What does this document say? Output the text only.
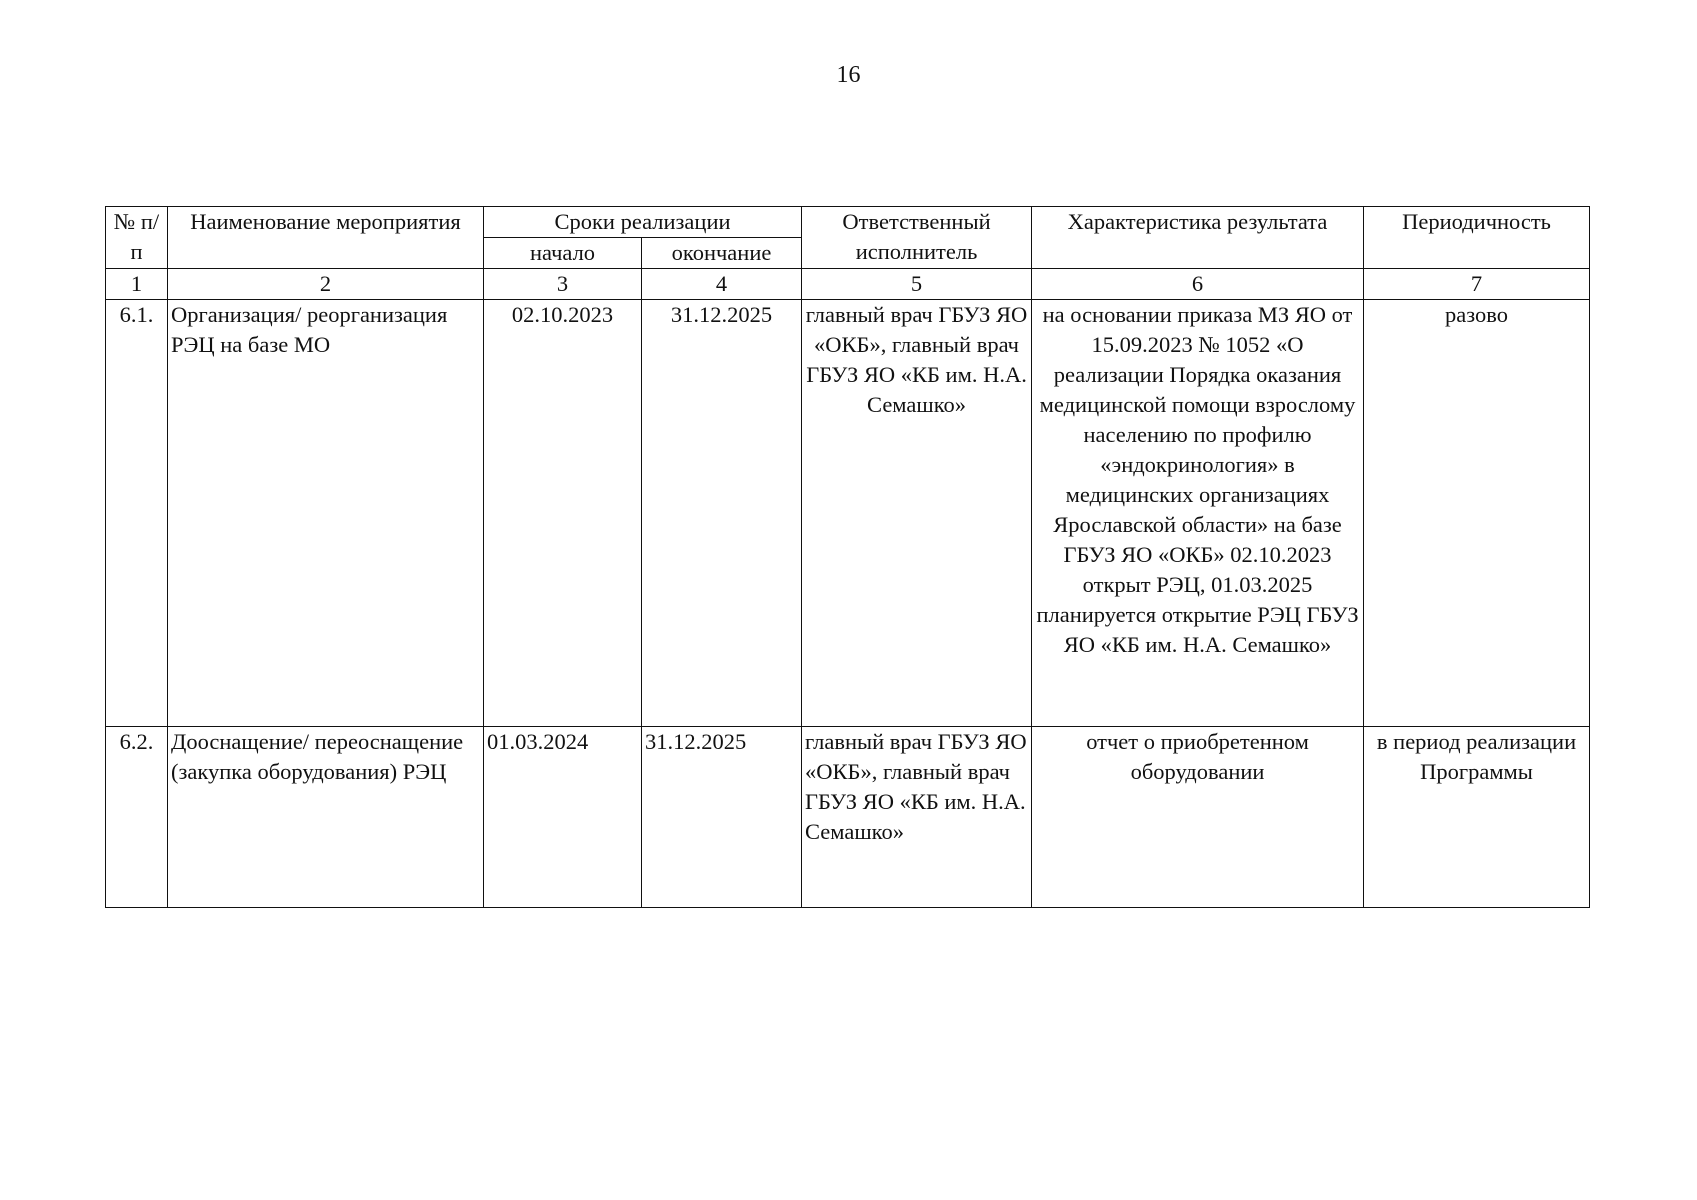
16
№ п/п	Наименование мероприятия	Сроки реализации		Ответственный исполнитель	Характеристика результата	Периодичность
		начало	окончание			
1	2	3	4	5	6	7
6.1.	Организация/ реорганизация РЭЦ на базе МО	02.10.2023	31.12.2025	главный врач ГБУЗ ЯО «ОКБ», главный врач ГБУЗ ЯО «КБ им. Н.А. Семашко»	на основании приказа МЗ ЯО от 15.09.2023 № 1052 «О реализации Порядка оказания медицинской помощи взрослому населению по профилю «эндокринология» в медицинских организациях Ярославской области» на базе ГБУЗ ЯО «ОКБ» 02.10.2023 открыт РЭЦ, 01.03.2025 планируется открытие РЭЦ ГБУЗ ЯО «КБ им. Н.А. Семашко»	разово
6.2.	Дооснащение/ переоснащение (закупка оборудования) РЭЦ	01.03.2024	31.12.2025	главный врач ГБУЗ ЯО «ОКБ», главный врач ГБУЗ ЯО «КБ им. Н.А. Семашко»	отчет о приобретенном оборудовании	в период реализации Программы
